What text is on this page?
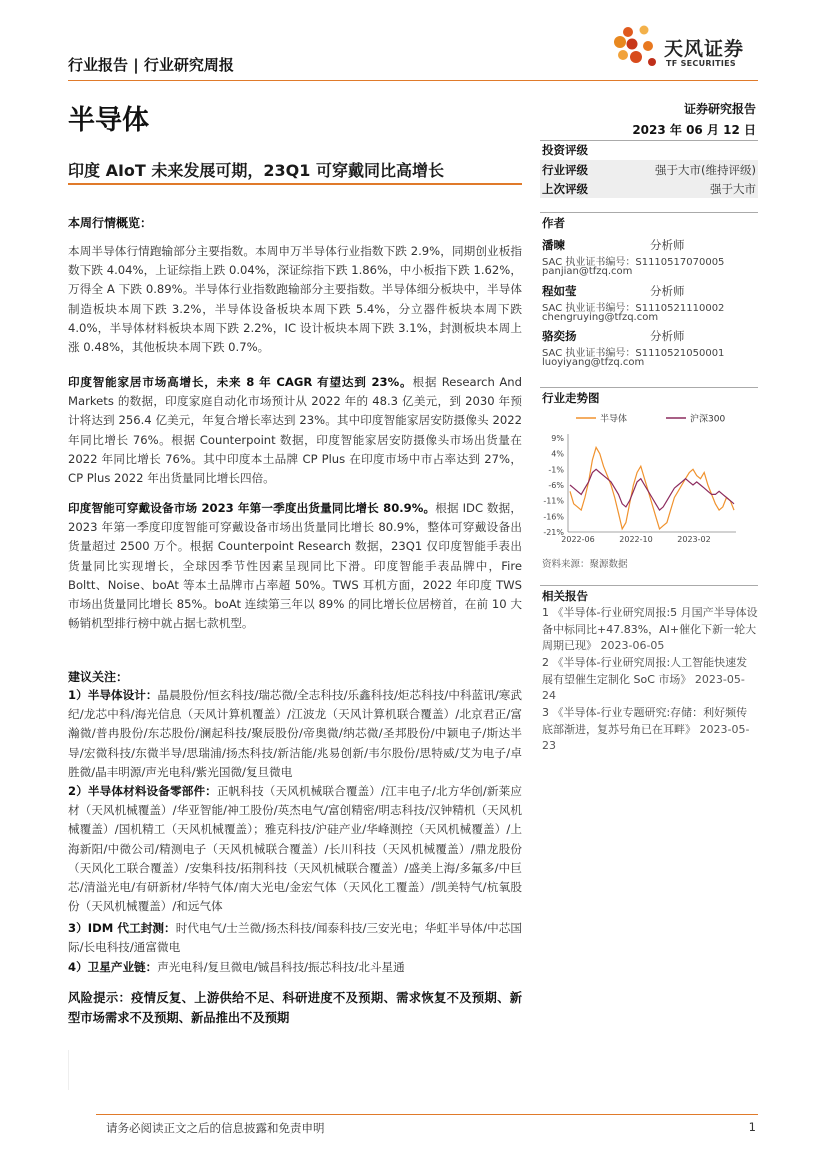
行业报告 | 行业研究周报
天风证券
TF SECURITIES
半导体	证券研究报告
2023 年 06 月 12 日
印度 AIoT 未来发展可期，23Q1 可穿戴同比高增长
投资评级
行业评级	强于大市(维持评级)
上次评级	强于大市
作者
潘暕	分析师
SAC 执业证书编号：S1110517070005
panjian@tfzq.com
程如莹	分析师
SAC 执业证书编号：S1110521110002
chengruying@tfzq.com
骆奕扬	分析师
SAC 执业证书编号：S1110521050001
luoyiyang@tfzq.com
行业走势图
半导体	沪深300
9%
4%
-1%
-6%
-11%
-16%
-21%
2022-06	2022-10	2023-02
资料来源：聚源数据
相关报告
1 《半导体-行业研究周报:5 月国产半导体设备中标同比+47.83%，AI+催化下新一轮大周期已现》 2023-06-05
2 《半导体-行业研究周报:人工智能快速发展有望催生定制化 SoC 市场》 2023-05-24
3 《半导体-行业专题研究:存储：利好频传底部渐进，复苏号角已在耳畔》 2023-05-23
本周行情概览：

本周半导体行情跑输部分主要指数。本周申万半导体行业指数下跌 2.9%，同期创业板指数下跌 4.04%，上证综指上跌 0.04%，深证综指下跌 1.86%，中小板指下跌 1.62%，万得全 A 下跌 0.89%。半导体行业指数跑输部分主要指数。半导体细分板块中，半导体制造板块本周下跌 3.2%，半导体设备板块本周下跌 5.4%，分立器件板块本周下跌 4.0%，半导体材料板块本周下跌 2.2%，IC 设计板块本周下跌 3.1%，封测板块本周上涨 0.48%，其他板块本周下跌 0.7%。

印度智能家居市场高增长，未来 8 年 CAGR 有望达到 23%。根据 Research And Markets 的数据，印度家庭自动化市场预计从 2022 年的 48.3 亿美元，到 2030 年预计将达到 256.4 亿美元，年复合增长率达到 23%。其中印度智能家居安防摄像头 2022 年同比增长 76%。根据 Counterpoint 数据，印度智能家居安防摄像头市场出货量在 2022 年同比增长 76%。其中印度本土品牌 CP Plus 在印度市场中市占率达到 27%，CP Plus 2022 年出货量同比增长四倍。

印度智能可穿戴设备市场 2023 年第一季度出货量同比增长 80.9%。根据 IDC 数据，2023 年第一季度印度智能可穿戴设备市场出货量同比增长 80.9%，整体可穿戴设备出货量超过 2500 万个。根据 Counterpoint Research 数据，23Q1 仅印度智能手表出货量同比实现增长，全球因季节性因素呈现同比下滑。印度智能手表品牌中，Fire Boltt、Noise、boAt 等本土品牌市占率超 50%。TWS 耳机方面，2022 年印度 TWS 市场出货量同比增长 85%。boAt 连续第三年以 89% 的同比增长位居榜首，在前 10 大畅销机型排行榜中就占据七款机型。

建议关注：

1）半导体设计：晶晨股份/恒玄科技/瑞芯微/全志科技/乐鑫科技/炬芯科技/中科蓝讯/寒武纪/龙芯中科/海光信息（天风计算机覆盖）/江波龙（天风计算机联合覆盖）/北京君正/富瀚微/普冉股份/东芯股份/澜起科技/聚辰股份/帝奥微/纳芯微/圣邦股份/中颖电子/斯达半导/宏微科技/东微半导/思瑞浦/扬杰科技/新洁能/兆易创新/韦尔股份/思特威/艾为电子/卓胜微/晶丰明源/声光电科/紫光国微/复旦微电

2）半导体材料设备零部件：正帆科技（天风机械联合覆盖）/江丰电子/北方华创/新莱应材（天风机械覆盖）/华亚智能/神工股份/英杰电气/富创精密/明志科技/汉钟精机（天风机械覆盖）/国机精工（天风机械覆盖）；雅克科技/沪硅产业/华峰测控（天风机械覆盖）/上海新阳/中微公司/精测电子（天风机械联合覆盖）/长川科技（天风机械覆盖）/鼎龙股份（天风化工联合覆盖）/安集科技/拓荆科技（天风机械联合覆盖）/盛美上海/多氟多/中巨芯/清溢光电/有研新材/华特气体/南大光电/金宏气体（天风化工覆盖）/凯美特气/杭氧股份（天风机械覆盖）/和远气体

3）IDM 代工封测：时代电气/士兰微/扬杰科技/闻泰科技/三安光电；华虹半导体/中芯国际/长电科技/通富微电

4）卫星产业链：声光电科/复旦微电/铖昌科技/振芯科技/北斗星通

风险提示：疫情反复、上游供给不足、科研进度不及预期、需求恢复不及预期、新型市场需求不及预期、新品推出不及预期
请务必阅读正文之后的信息披露和免责申明	1
